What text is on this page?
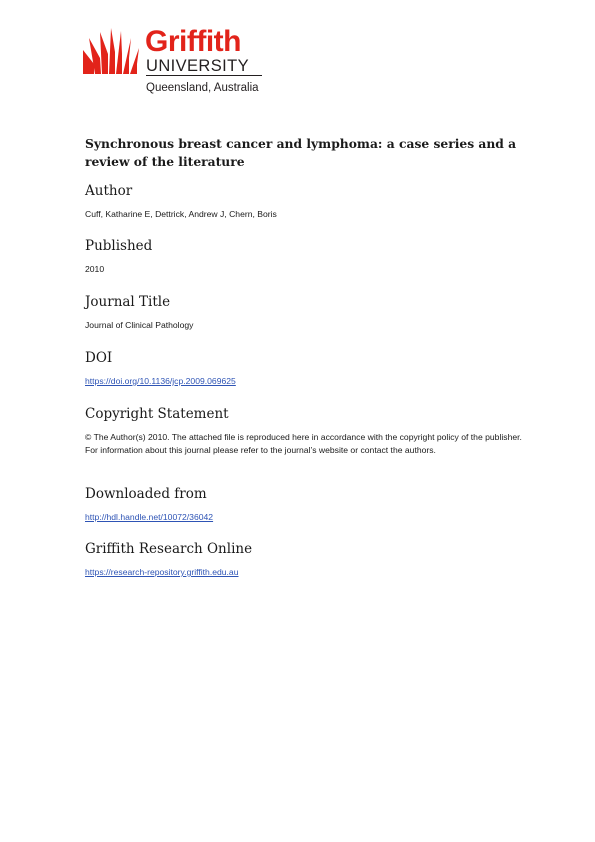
Griffith
UNIVERSITY
Queensland, Australia
Synchronous breast cancer and lymphoma: a case series and a review of the literature
Author

Cuff, Katharine E, Dettrick, Andrew J, Chern, Boris

Published

2010

Journal Title

Journal of Clinical Pathology

DOI
https://doi.org/10.1136/jcp.2009.069625
Copyright Statement

© The Author(s) 2010. The attached file is reproduced here in accordance with the copyright policy of the publisher. For information about this journal please refer to the journal’s website or contact the authors.

Downloaded from
http://hdl.handle.net/10072/36042
Griffith Research Online
https://research-repository.griffith.edu.au
